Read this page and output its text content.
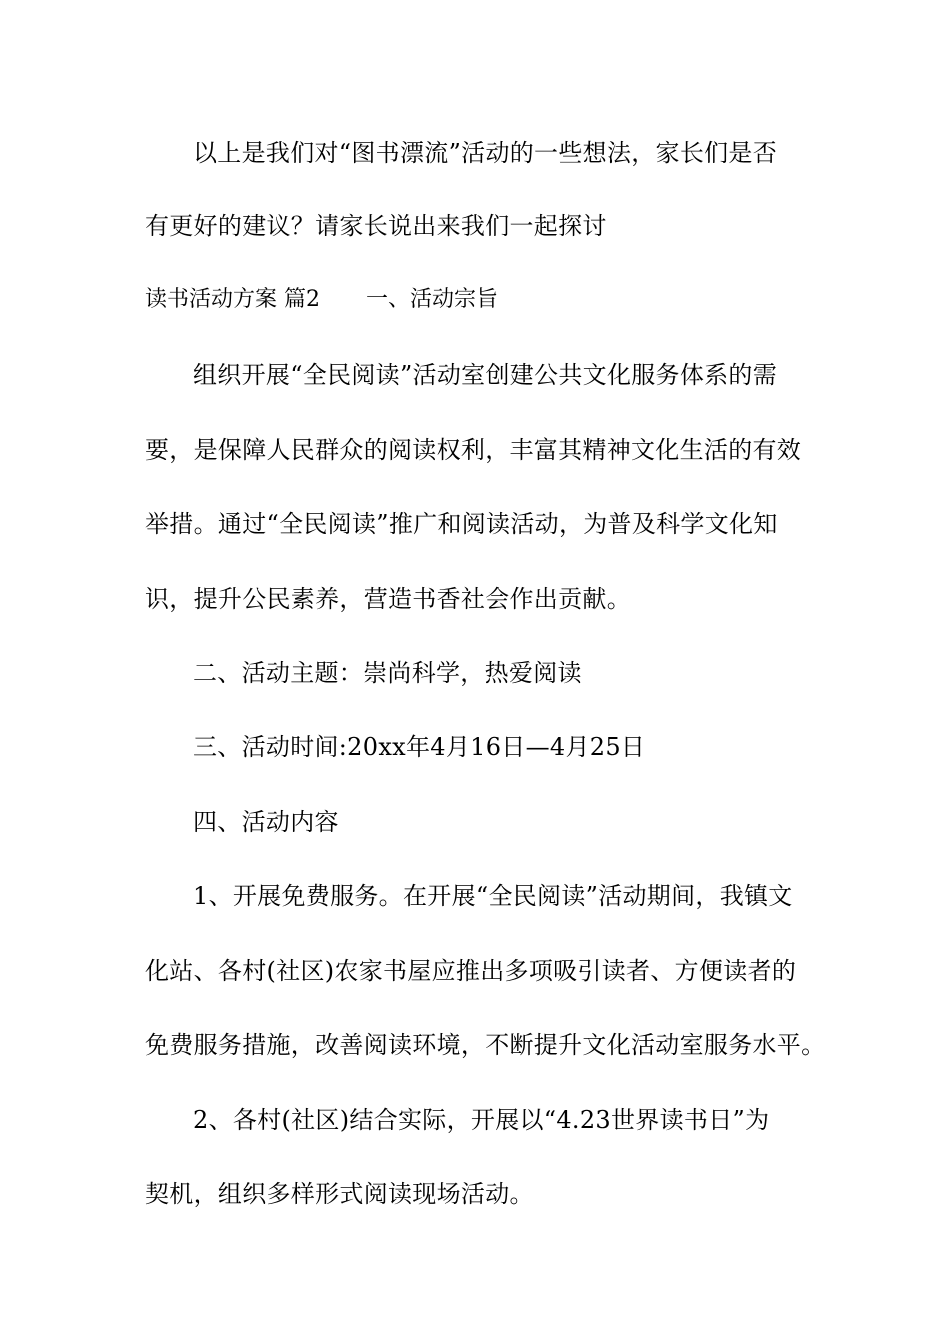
以上是我们对“图书漂流”活动的一些想法，家长们是否
有更好的建议？请家长说出来我们一起探讨
读书活动方案 篇2 一、活动宗旨
组织开展“全民阅读”活动室创建公共文化服务体系的需
要，是保障人民群众的阅读权利，丰富其精神文化生活的有效
举措。通过“全民阅读”推广和阅读活动，为普及科学文化知
识，提升公民素养，营造书香社会作出贡献。
二、活动主题：崇尚科学，热爱阅读
三、活动时间:20xx年4月16日—4月25日
四、活动内容
1、开展免费服务。在开展“全民阅读”活动期间，我镇文
化站、各村(社区)农家书屋应推出多项吸引读者、方便读者的
免费服务措施，改善阅读环境，不断提升文化活动室服务水平。
2、各村(社区)结合实际，开展以“4.23世界读书日”为
契机，组织多样形式阅读现场活动。
